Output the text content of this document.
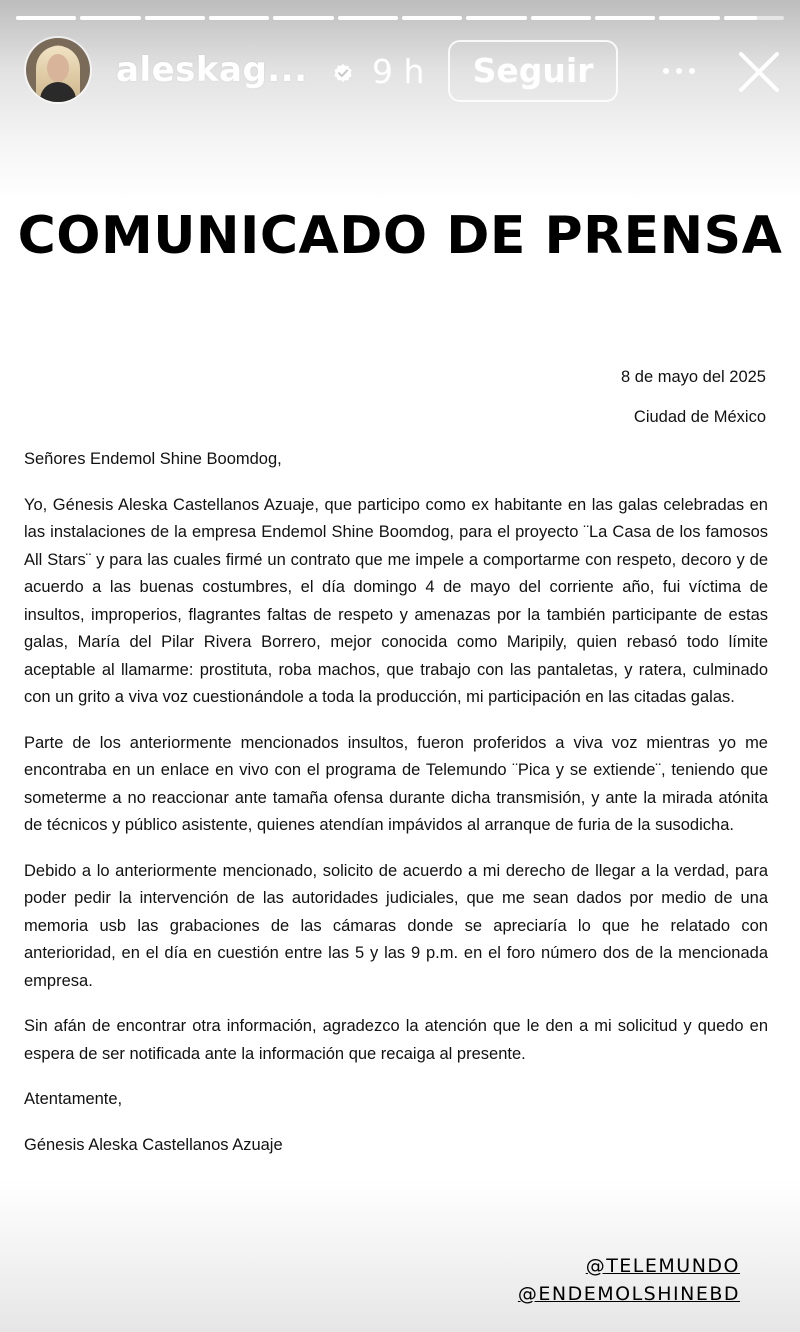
aleskag... 9 h	Seguir
COMUNICADO DE PRENSA
8 de mayo del 2025
Ciudad de México

Señores Endemol Shine Boomdog,

Yo, Génesis Aleska Castellanos Azuaje, que participo como ex habitante en las galas celebradas en las instalaciones de la empresa Endemol Shine Boomdog, para el proyecto ¨La Casa de los famosos All Stars¨ y para las cuales firmé un contrato que me impele a comportarme con respeto, decoro y de acuerdo a las buenas costumbres, el día domingo 4 de mayo del corriente año, fui víctima de insultos, improperios, flagrantes faltas de respeto y amenazas por la también participante de estas galas, María del Pilar Rivera Borrero, mejor conocida como Maripily, quien rebasó todo límite aceptable al llamarme: prostituta, roba machos, que trabajo con las pantaletas, y ratera, culminado con un grito a viva voz cuestionándole a toda la producción, mi participación en las citadas galas.

Parte de los anteriormente mencionados insultos, fueron proferidos a viva voz mientras yo me encontraba en un enlace en vivo con el programa de Telemundo ¨Pica y se extiende¨, teniendo que someterme a no reaccionar ante tamaña ofensa durante dicha transmisión, y ante la mirada atónita de técnicos y público asistente, quienes atendían impávidos al arranque de furia de la susodicha.

Debido a lo anteriormente mencionado, solicito de acuerdo a mi derecho de llegar a la verdad, para poder pedir la intervención de las autoridades judiciales, que me sean dados por medio de una memoria usb las grabaciones de las cámaras donde se apreciaría lo que he relatado con anterioridad, en el día en cuestión entre las 5 y las 9 p.m. en el foro número dos de la mencionada empresa.

Sin afán de encontrar otra información, agradezco la atención que le den a mi solicitud y quedo en espera de ser notificada ante la información que recaiga al presente.

Atentamente,

Génesis Aleska Castellanos Azuaje

@TELEMUNDO
@ENDEMOLSHINEBD
